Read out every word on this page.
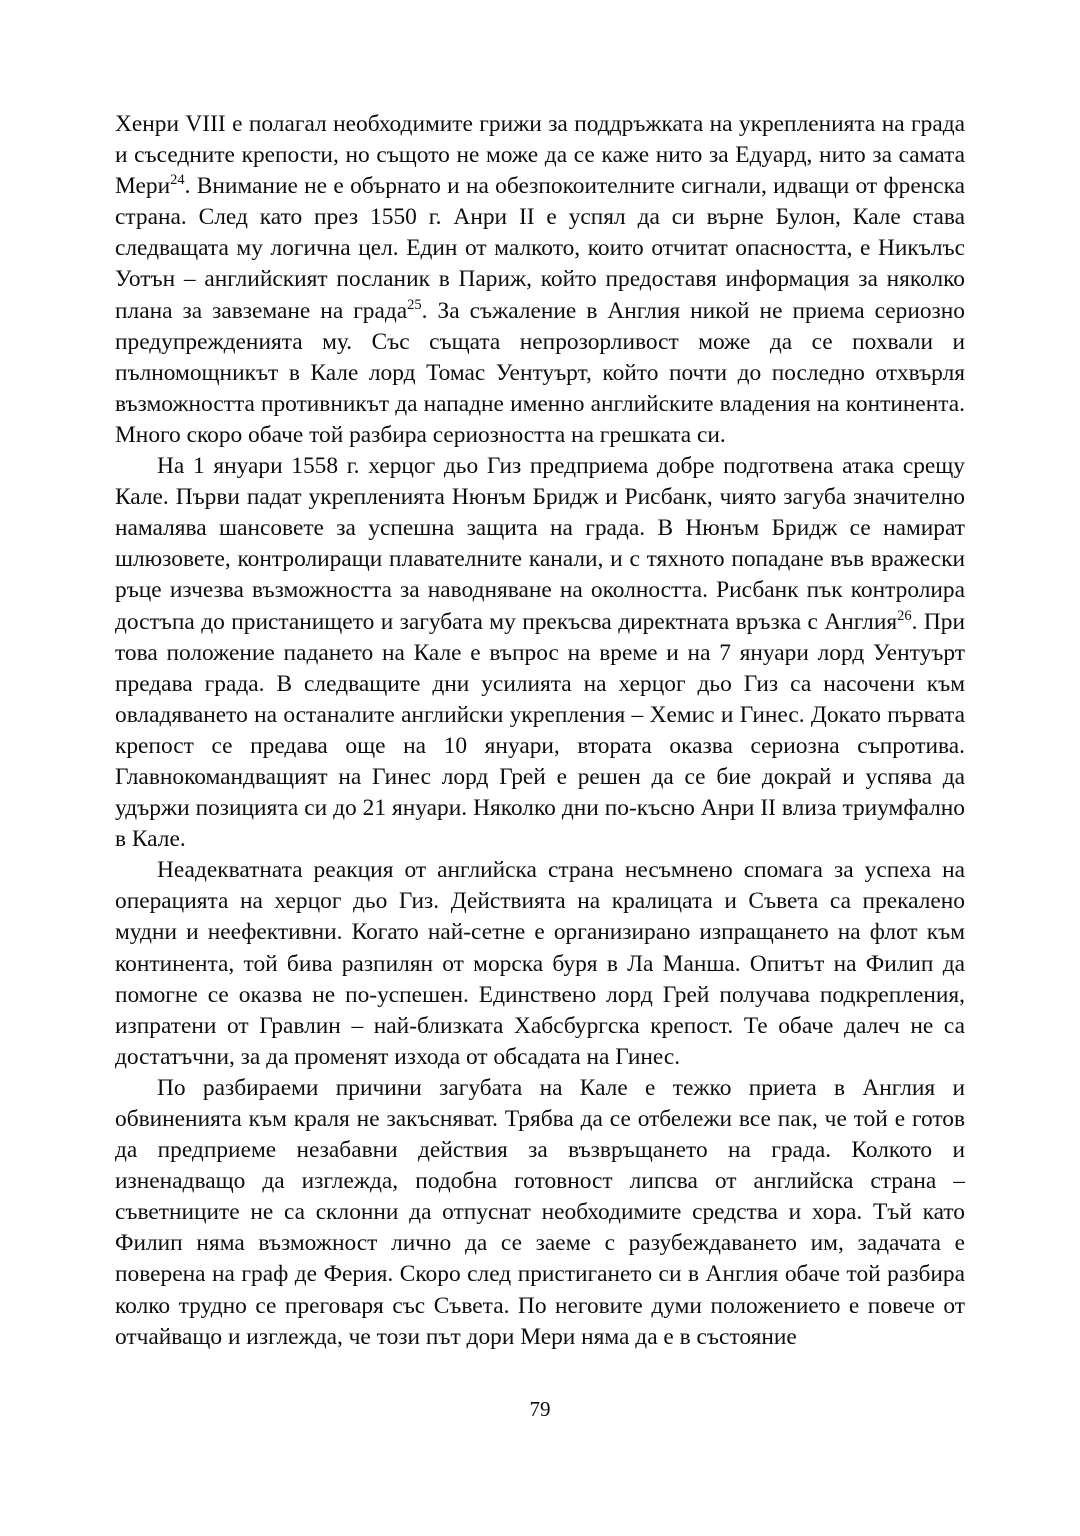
Хенри VIII е полагал необходимите грижи за поддръжката на укрепленията на града и съседните крепости, но същото не може да се каже нито за Едуард, нито за самата Мери$^{24}$. Внимание не е обърнато и на обезпокоителните сигнали, идващи от френска страна. След като през 1550 г. Анри II е успял да си върне Булон, Кале става следващата му логична цел. Един от малкото, които отчитат опасността, е Никълъс Уотън – английският посланик в Париж, който предоставя информация за няколко плана за завземане на града$^{25}$. За съжаление в Англия никой не приема сериозно предупрежденията му. Със същата непрозорливост може да се похвали и пълномощникът в Кале лорд Томас Уентуърт, който почти до последно отхвърля възможността противникът да нападне именно английските владения на континента. Много скоро обаче той разбира сериозността на грешката си.

На 1 януари 1558 г. херцог дьо Гиз предприема добре подготвена атака срещу Кале. Първи падат укрепленията Нюнъм Бридж и Рисбанк, чиято загуба значително намалява шансовете за успешна защита на града. В Нюнъм Бридж се намират шлюзовете, контролиращи плавателните канали, и с тяхното попадане във вражески ръце изчезва възможността за наводняване на околността. Рисбанк пък контролира достъпа до пристанището и загубата му прекъсва директната връзка с Англия$^{26}$. При това положение падането на Кале е въпрос на време и на 7 януари лорд Уентуърт предава града. В следващите дни усилията на херцог дьо Гиз са насочени към овладяването на останалите английски укрепления – Хемис и Гинес. Докато първата крепост се предава още на 10 януари, втората оказва сериозна съпротива. Главнокомандващият на Гинес лорд Грей е решен да се бие докрай и успява да удържи позицията си до 21 януари. Няколко дни по-късно Анри II влиза триумфално в Кале.

Неадекватната реакция от английска страна несъмнено спомага за успеха на операцията на херцог дьо Гиз. Действията на кралицата и Съвета са прекалено мудни и неефективни. Когато най-сетне е организирано изпращането на флот към континента, той бива разпилян от морска буря в Ла Манша. Опитът на Филип да помогне се оказва не по-успешен. Единствено лорд Грей получава подкрепления, изпратени от Гравлин – най-близката Хабсбургска крепост. Те обаче далеч не са достатъчни, за да променят изхода от обсадата на Гинес.

По разбираеми причини загубата на Кале е тежко приета в Англия и обвиненията към краля не закъсняват. Трябва да се отбележи все пак, че той е готов да предприеме незабавни действия за възвръщането на града. Колкото и изненадващо да изглежда, подобна готовност липсва от английска страна – съветниците не са склонни да отпуснат необходимите средства и хора. Тъй като Филип няма възможност лично да се заеме с разубеждаването им, задачата е поверена на граф де Ферия. Скоро след пристигането си в Англия обаче той разбира колко трудно се преговаря със Съвета. По неговите думи положението е повече от отчайващо и изглежда, че този път дори Мери няма да е в състояние

79
